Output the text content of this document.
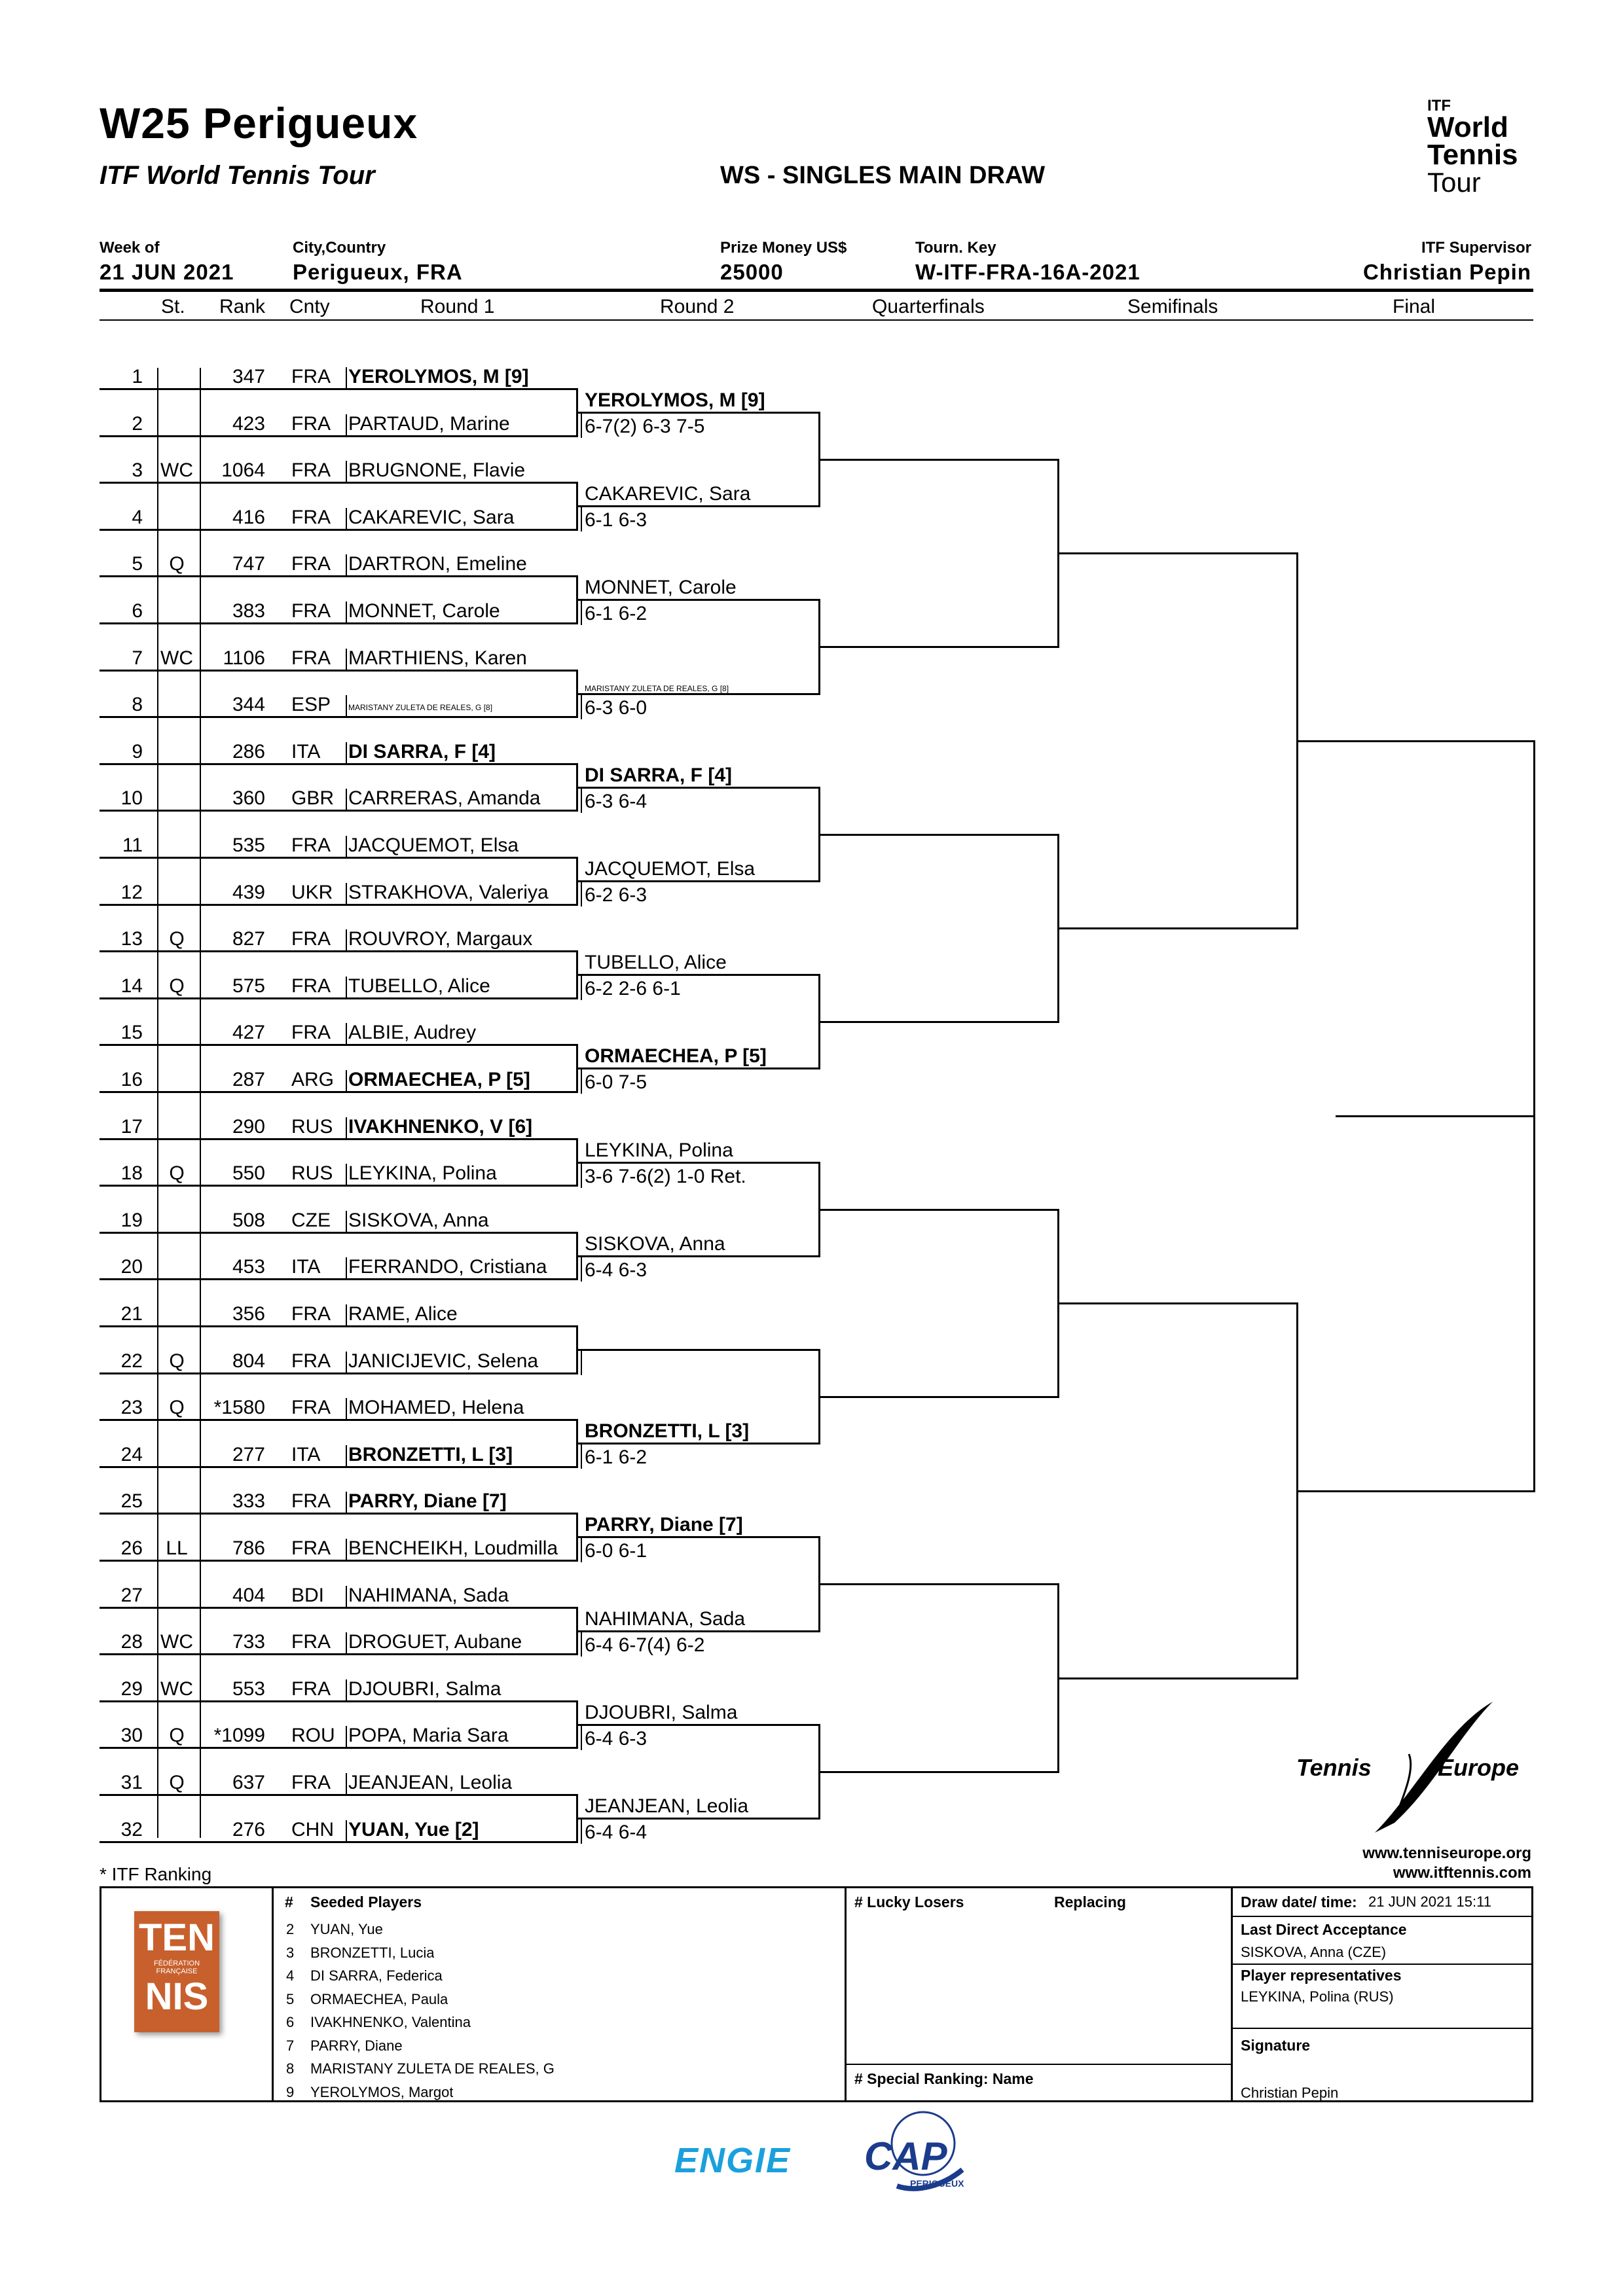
W25 Perigueux
ITF World Tennis Tour	WS - SINGLES MAIN DRAW
ITF
World
Tennis
Tour
Week of
21 JUN 2021
City,Country
Perigueux, FRA
Prize Money US$
25000
Tourn. Key
W-ITF-FRA-16A-2021
ITF Supervisor
Christian Pepin
St. Rank Cnty	Round 1	Round 2	Quarterfinals	Semifinals	Final
1	347 FRA YEROLYMOS, M [9]
2	423 FRA PARTAUD, Marine
3 WC 1064 FRA BRUGNONE, Flavie
4	416 FRA CAKAREVIC, Sara
5	Q	747 FRA DARTRON, Emeline
6	383 FRA MONNET, Carole
7 WC 1106 FRA MARTHIENS, Karen
8	344 ESP MARISTANY ZULETA DE REALES, G [8]
9	286 ITA DI SARRA, F [4]
10	360 GBR CARRERAS, Amanda
11	535 FRA JACQUEMOT, Elsa
12	439 UKR STRAKHOVA, Valeriya
13	Q	827 FRA ROUVROY, Margaux
14	Q	575 FRA TUBELLO, Alice
15	427 FRA ALBIE, Audrey
16	287 ARG ORMAECHEA, P [5]
17	290 RUS IVAKHNENKO, V [6]
18	Q	550 RUS LEYKINA, Polina
19	508 CZE SISKOVA, Anna
20	453 ITA FERRANDO, Cristiana
21	356 FRA RAME, Alice
22	Q	804 FRA JANICIJEVIC, Selena
23	Q	*1580 FRA MOHAMED, Helena
24	277 ITA BRONZETTI, L [3]
25	333 FRA PARRY, Diane [7]
26	LL	786 FRA BENCHEIKH, Loudmilla
27	404 BDI NAHIMANA, Sada
28 WC 733 FRA DROGUET, Aubane
29 WC 553 FRA DJOUBRI, Salma
30	Q	*1099 ROU POPA, Maria Sara
31	Q	637 FRA JEANJEAN, Leolia
32	276 CHN YUAN, Yue [2]
YEROLYMOS, M [9]
6-7(2) 6-3 7-5
CAKAREVIC, Sara
6-1 6-3
MONNET, Carole
6-1 6-2
MARISTANY ZULETA DE REALES, G [8]
6-3 6-0
DI SARRA, F [4]
6-3 6-4
JACQUEMOT, Elsa
6-2 6-3
TUBELLO, Alice
6-2 2-6 6-1
ORMAECHEA, P [5]
6-0 7-5
LEYKINA, Polina
3-6 7-6(2) 1-0 Ret.
SISKOVA, Anna
6-4 6-3
BRONZETTI, L [3]
6-1 6-2
PARRY, Diane [7]
6-0 6-1
NAHIMANA, Sada
6-4 6-7(4) 6-2
DJOUBRI, Salma
6-4 6-3
JEANJEAN, Leolia
6-4 6-4
* ITF Ranking
Tennis	Europe
www.tenniseurope.org
www.itftennis.com
TEN
FÉDÉRATION
FRANÇAISE
NIS
# Seeded Players
2 YUAN, Yue
3 BRONZETTI, Lucia
4 DI SARRA, Federica
5 ORMAECHEA, Paula
6 IVAKHNENKO, Valentina
7 PARRY, Diane
8 MARISTANY ZULETA DE REALES, G
9 YEROLYMOS, Margot
# Lucky Losers	Replacing
# Special Ranking: Name
Draw date/ time: 21 JUN 2021 15:11
Last Direct Acceptance
SISKOVA, Anna (CZE)
Player representatives
LEYKINA, Polina (RUS)
Signature
Christian Pepin
ENGIE CAP
PERIGUEUX
